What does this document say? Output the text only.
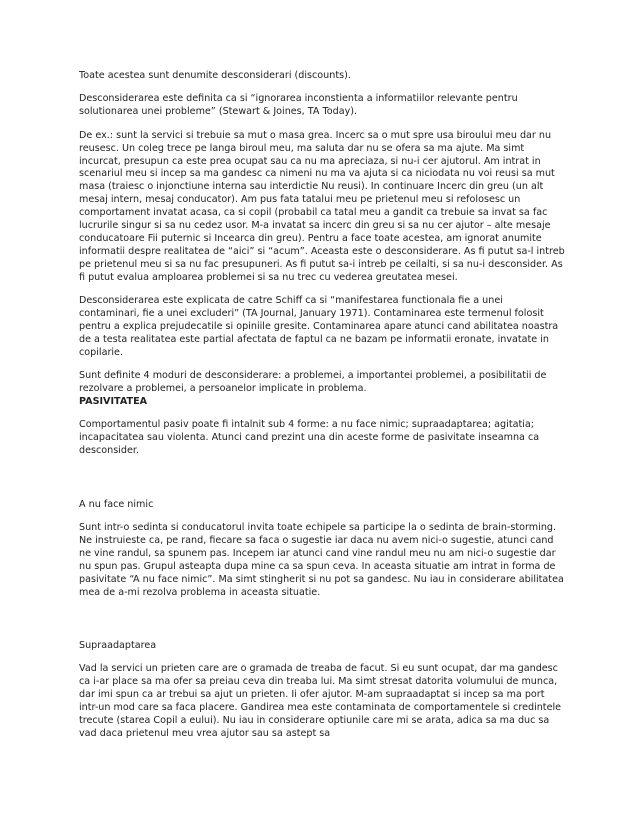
Toate acestea sunt denumite desconsiderari (discounts).

Desconsiderarea este definita ca si “ignorarea inconstienta a informatiilor relevante pentru solutionarea unei probleme” (Stewart & Joines, TA Today).

De ex.: sunt la servici si trebuie sa mut o masa grea. Incerc sa o mut spre usa biroului meu dar nu reusesc. Un coleg trece pe langa biroul meu, ma saluta dar nu se ofera sa ma ajute. Ma simt incurcat, presupun ca este prea ocupat sau ca nu ma apreciaza, si nu-i cer ajutorul. Am intrat in scenariul meu si incep sa ma gandesc ca nimeni nu ma va ajuta si ca niciodata nu voi reusi sa mut masa (traiesc o injonctiune interna sau interdictie Nu reusi). In continuare Incerc din greu (un alt mesaj intern, mesaj conducator). Am pus fata tatalui meu pe prietenul meu si refolosesc un comportament invatat acasa, ca si copil (probabil ca tatal meu a gandit ca trebuie sa invat sa fac lucrurile singur si sa nu cedez usor. M-a invatat sa incerc din greu si sa nu cer ajutor – alte mesaje conducatoare Fii puternic si Incearca din greu). Pentru a face toate acestea, am ignorat anumite informatii despre realitatea de “aici” si “acum”. Aceasta este o desconsiderare. As fi putut sa-l intreb pe prietenul meu si sa nu fac presupuneri. As fi putut sa-i intreb pe ceilalti, si sa nu-i desconsider. As fi putut evalua amploarea problemei si sa nu trec cu vederea greutatea mesei.

Desconsiderarea este explicata de catre Schiff ca si “manifestarea functionala fie a unei contaminari, fie a unei excluderi” (TA Journal, January 1971). Contaminarea este termenul folosit pentru a explica prejudecatile si opiniile gresite. Contaminarea apare atunci cand abilitatea noastra de a testa realitatea este partial afectata de faptul ca ne bazam pe informatii eronate, invatate in copilarie.

Sunt definite 4 moduri de desconsiderare: a problemei, a importantei problemei, a posibilitatii de rezolvare a problemei, a persoanelor implicate in problema.

PASIVITATEA

Comportamentul pasiv poate fi intalnit sub 4 forme: a nu face nimic; supraadaptarea; agitatia; incapacitatea sau violenta. Atunci cand prezint una din aceste forme de pasivitate inseamna ca desconsider.

A nu face nimic

Sunt intr-o sedinta si conducatorul invita toate echipele sa participe la o sedinta de brain-storming. Ne instruieste ca, pe rand, fiecare sa faca o sugestie iar daca nu avem nici-o sugestie, atunci cand ne vine randul, sa spunem pas. Incepem iar atunci cand vine randul meu nu am nici-o sugestie dar nu spun pas. Grupul asteapta dupa mine ca sa spun ceva. In aceasta situatie am intrat in forma de pasivitate “A nu face nimic”. Ma simt stingherit si nu pot sa gandesc. Nu iau in considerare abilitatea mea de a-mi rezolva problema in aceasta situatie.

Supraadaptarea

Vad la servici un prieten care are o gramada de treaba de facut. Si eu sunt ocupat, dar ma gandesc ca i-ar place sa ma ofer sa preiau ceva din treaba lui. Ma simt stresat datorita volumului de munca, dar imi spun ca ar trebui sa ajut un prieten. Ii ofer ajutor. M-am supraadaptat si incep sa ma port intr-un mod care sa faca placere. Gandirea mea este contaminata de comportamentele si credintele trecute (starea Copil a eului). Nu iau in considerare optiunile care mi se arata, adica sa ma duc sa vad daca prietenul meu vrea ajutor sau sa astept sa
